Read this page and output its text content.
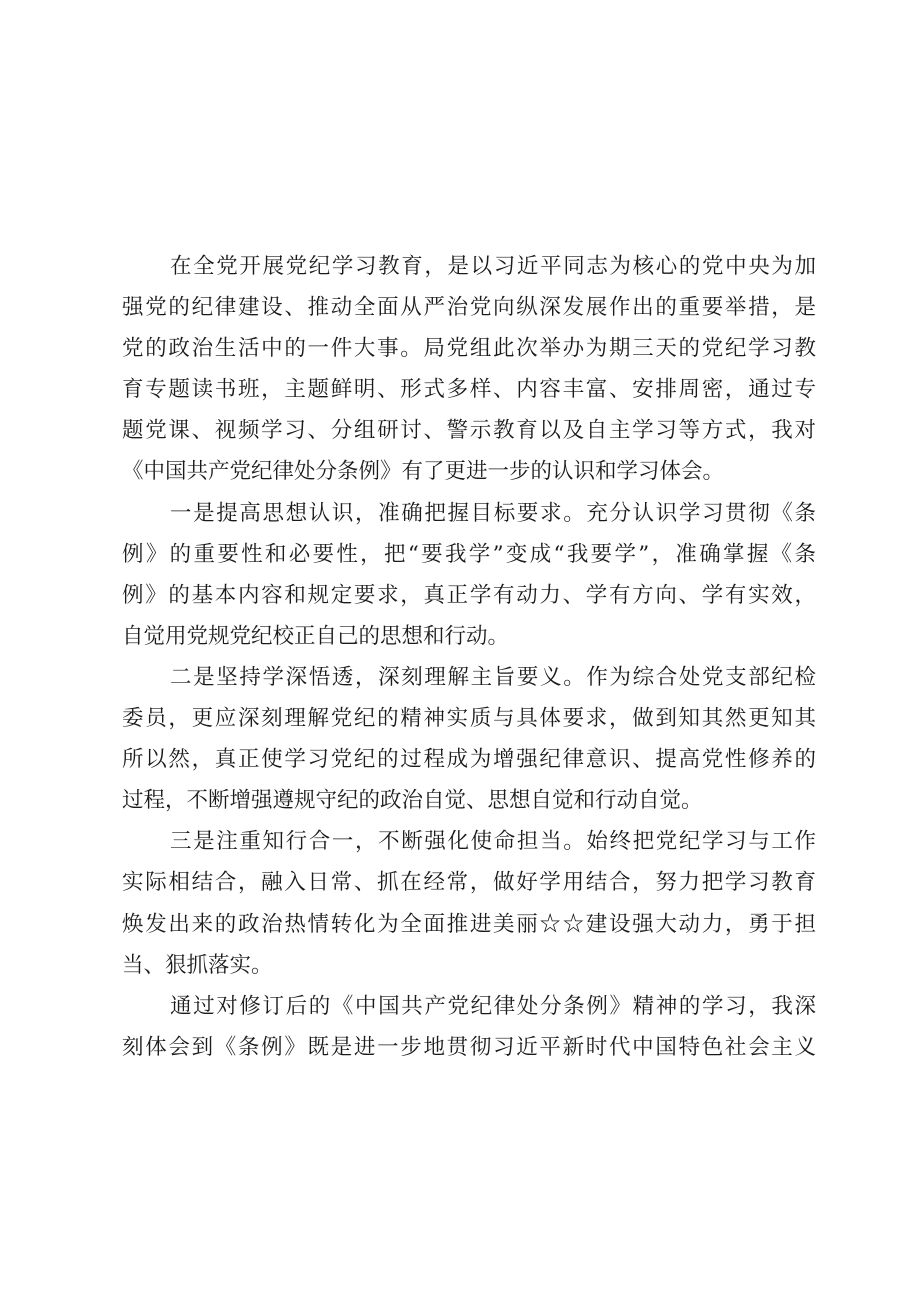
在全党开展党纪学习教育，是以习近平同志为核心的党中央为加
强党的纪律建设、推动全面从严治党向纵深发展作出的重要举措，是
党的政治生活中的一件大事。局党组此次举办为期三天的党纪学习教
育专题读书班，主题鲜明、形式多样、内容丰富、安排周密，通过专
题党课、视频学习、分组研讨、警示教育以及自主学习等方式，我对
《中国共产党纪律处分条例》有了更进一步的认识和学习体会。
一是提高思想认识，准确把握目标要求。充分认识学习贯彻《条
例》的重要性和必要性，把“要我学”变成“我要学”，准确掌握《条
例》的基本内容和规定要求，真正学有动力、学有方向、学有实效，
自觉用党规党纪校正自己的思想和行动。
二是坚持学深悟透，深刻理解主旨要义。作为综合处党支部纪检
委员，更应深刻理解党纪的精神实质与具体要求，做到知其然更知其
所以然，真正使学习党纪的过程成为增强纪律意识、提高党性修养的
过程，不断增强遵规守纪的政治自觉、思想自觉和行动自觉。
三是注重知行合一，不断强化使命担当。始终把党纪学习与工作
实际相结合，融入日常、抓在经常，做好学用结合，努力把学习教育
焕发出来的政治热情转化为全面推进美丽☆☆建设强大动力，勇于担
当、狠抓落实。
通过对修订后的《中国共产党纪律处分条例》精神的学习，我深
刻体会到《条例》既是进一步地贯彻习近平新时代中国特色社会主义
